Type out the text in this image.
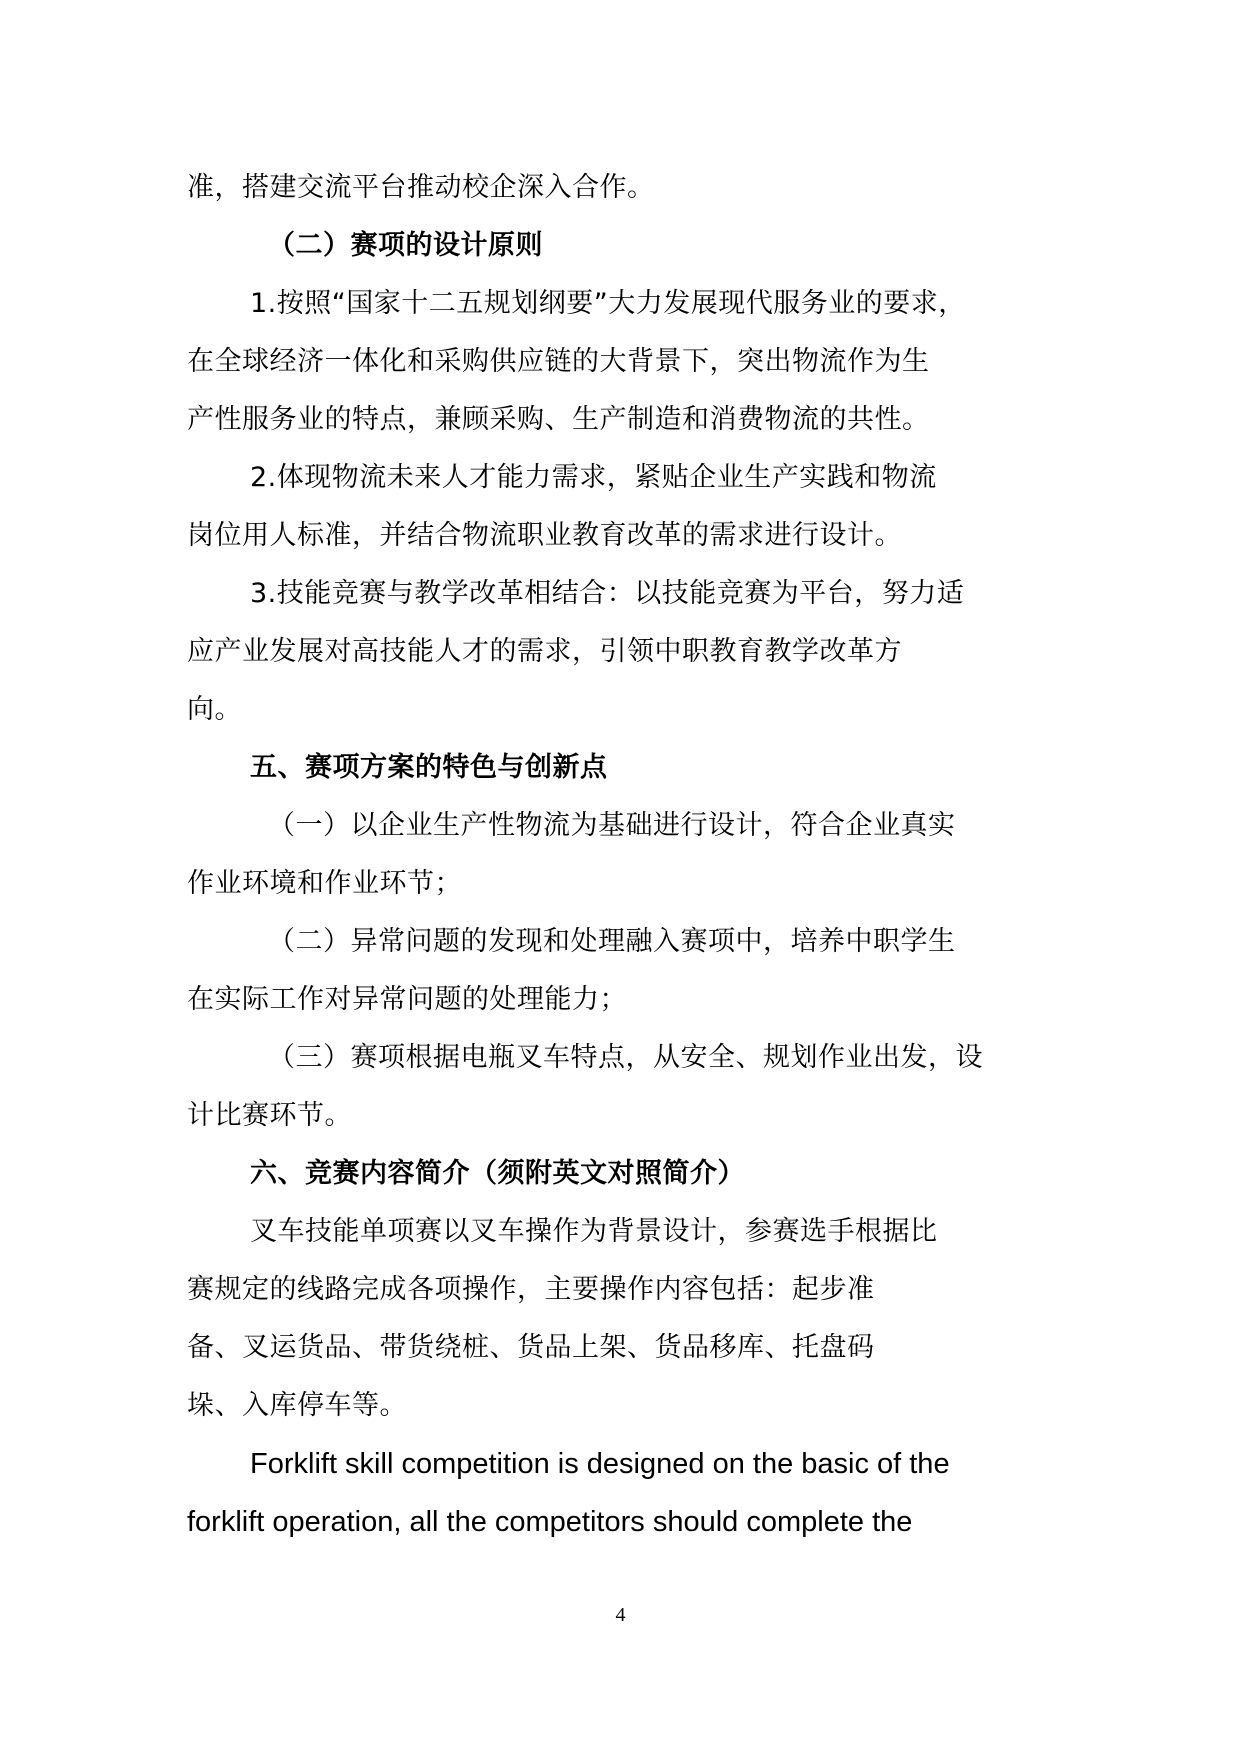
准，搭建交流平台推动校企深入合作。
（二）赛项的设计原则
1.按照“国家十二五规划纲要”大力发展现代服务业的要求，
在全球经济一体化和采购供应链的大背景下，突出物流作为生
产性服务业的特点，兼顾采购、生产制造和消费物流的共性。
2.体现物流未来人才能力需求，紧贴企业生产实践和物流
岗位用人标准，并结合物流职业教育改革的需求进行设计。
3.技能竞赛与教学改革相结合：以技能竞赛为平台，努力适
应产业发展对高技能人才的需求，引领中职教育教学改革方
向。
五、赛项方案的特色与创新点
（一）以企业生产性物流为基础进行设计，符合企业真实
作业环境和作业环节；
（二）异常问题的发现和处理融入赛项中，培养中职学生
在实际工作对异常问题的处理能力；
（三）赛项根据电瓶叉车特点，从安全、规划作业出发，设
计比赛环节。
六、竞赛内容简介（须附英文对照简介）
叉车技能单项赛以叉车操作为背景设计，参赛选手根据比
赛规定的线路完成各项操作，主要操作内容包括：起步准
备、叉运货品、带货绕桩、货品上架、货品移库、托盘码
垛、入库停车等。
Forklift skill competition is designed on the basic of the
forklift operation, all the competitors should complete the
4
